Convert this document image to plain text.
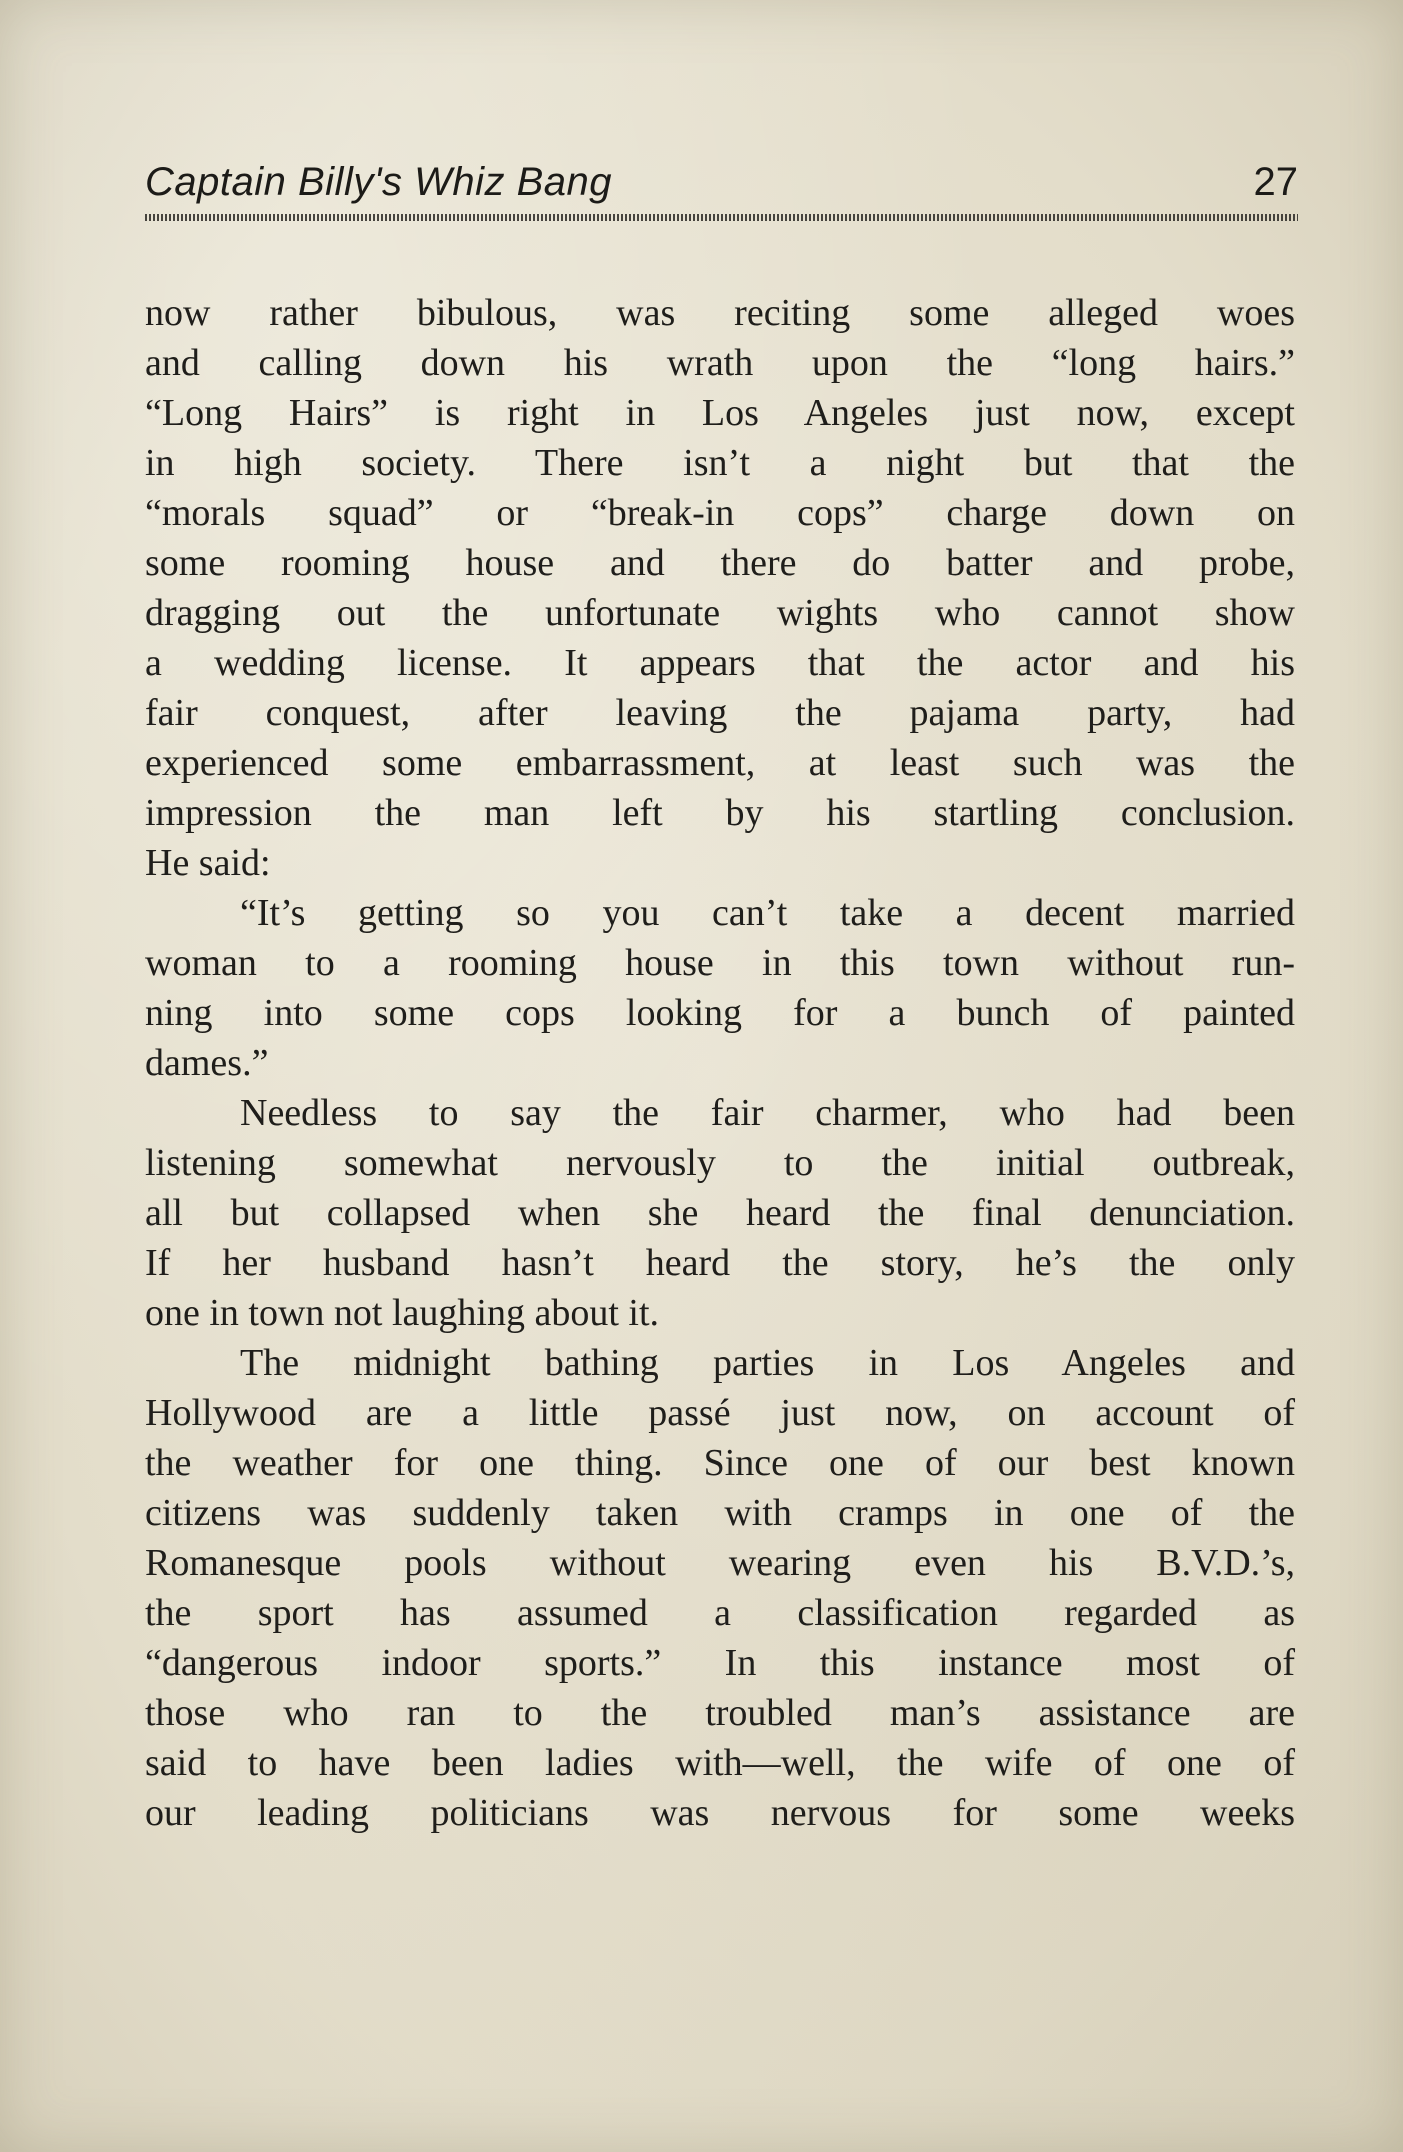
Captain Billy's Whiz Bang	27
now rather bibulous, was reciting some alleged woes
and calling down his wrath upon the “long hairs.”
“Long Hairs” is right in Los Angeles just now, except
in high society. There isn’t a night but that the
“morals squad” or “break-in cops” charge down on
some rooming house and there do batter and probe,
dragging out the unfortunate wights who cannot show
a wedding license. It appears that the actor and his
fair conquest, after leaving the pajama party, had
experienced some embarrassment, at least such was the
impression the man left by his startling conclusion.
He said:
“It’s getting so you can’t take a decent married
woman to a rooming house in this town without run-
ning into some cops looking for a bunch of painted
dames.”
Needless to say the fair charmer, who had been
listening somewhat nervously to the initial outbreak,
all but collapsed when she heard the final denunciation.
If her husband hasn’t heard the story, he’s the only
one in town not laughing about it.
The midnight bathing parties in Los Angeles and
Hollywood are a little passé just now, on account of
the weather for one thing. Since one of our best known
citizens was suddenly taken with cramps in one of the
Romanesque pools without wearing even his B.V.D.’s,
the sport has assumed a classification regarded as
“dangerous indoor sports.” In this instance most of
those who ran to the troubled man’s assistance are
said to have been ladies with—well, the wife of one of
our leading politicians was nervous for some weeks
